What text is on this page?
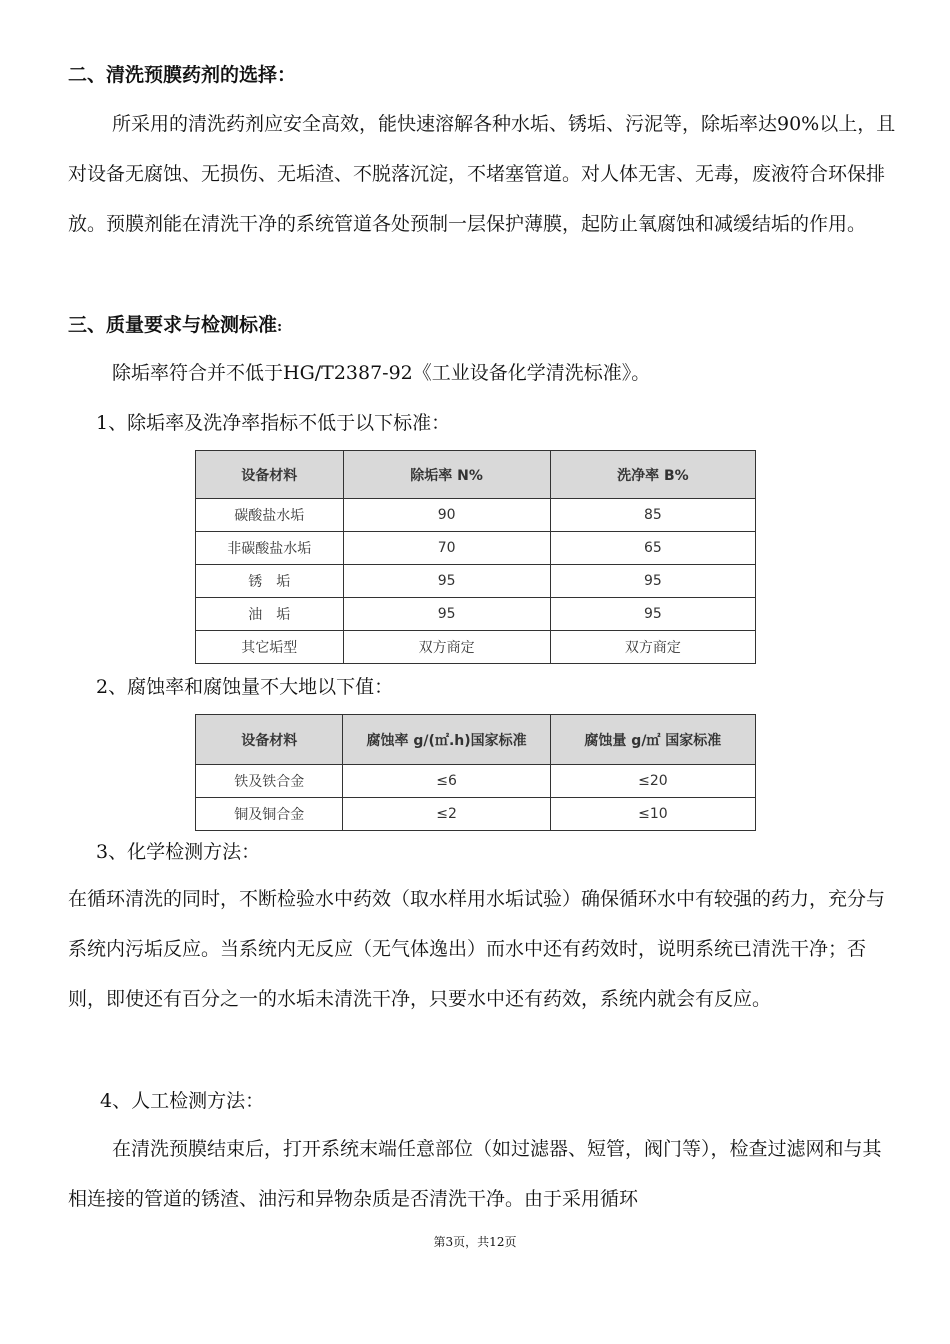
二、清洗预膜药剂的选择：

所采用的清洗药剂应安全高效，能快速溶解各种水垢、锈垢、污泥等，除垢率达90%以上，且对设备无腐蚀、无损伤、无垢渣、不脱落沉淀，不堵塞管道。对人体无害、无毒，废液符合环保排放。预膜剂能在清洗干净的系统管道各处预制一层保护薄膜，起防止氧腐蚀和减缓结垢的作用。

三、质量要求与检测标准:
除垢率符合并不低于HG/T2387-92《工业设备化学清洗标准》。
1、除垢率及洗净率指标不低于以下标准：
设备材料	除垢率 N%	洗净率 B%
碳酸盐水垢	90	85
非碳酸盐水垢	70	65
锈　垢	95	95
油　垢	95	95
其它垢型	双方商定	双方商定
2、腐蚀率和腐蚀量不大地以下值：
设备材料	腐蚀率 g/(㎡.h)国家标准	腐蚀量 g/㎡ 国家标准
铁及铁合金	≤6	≤20
铜及铜合金	≤2	≤10
3、化学检测方法：

在循环清洗的同时，不断检验水中药效（取水样用水垢试验）确保循环水中有较强的药力，充分与系统内污垢反应。当系统内无反应（无气体逸出）而水中还有药效时，说明系统已清洗干净；否则，即使还有百分之一的水垢未清洗干净，只要水中还有药效，系统内就会有反应。

4、人工检测方法：

在清洗预膜结束后，打开系统末端任意部位（如过滤器、短管，阀门等），检查过滤网和与其相连接的管道的锈渣、油污和异物杂质是否清洗干净。由于采用循环

第3页，共12页
